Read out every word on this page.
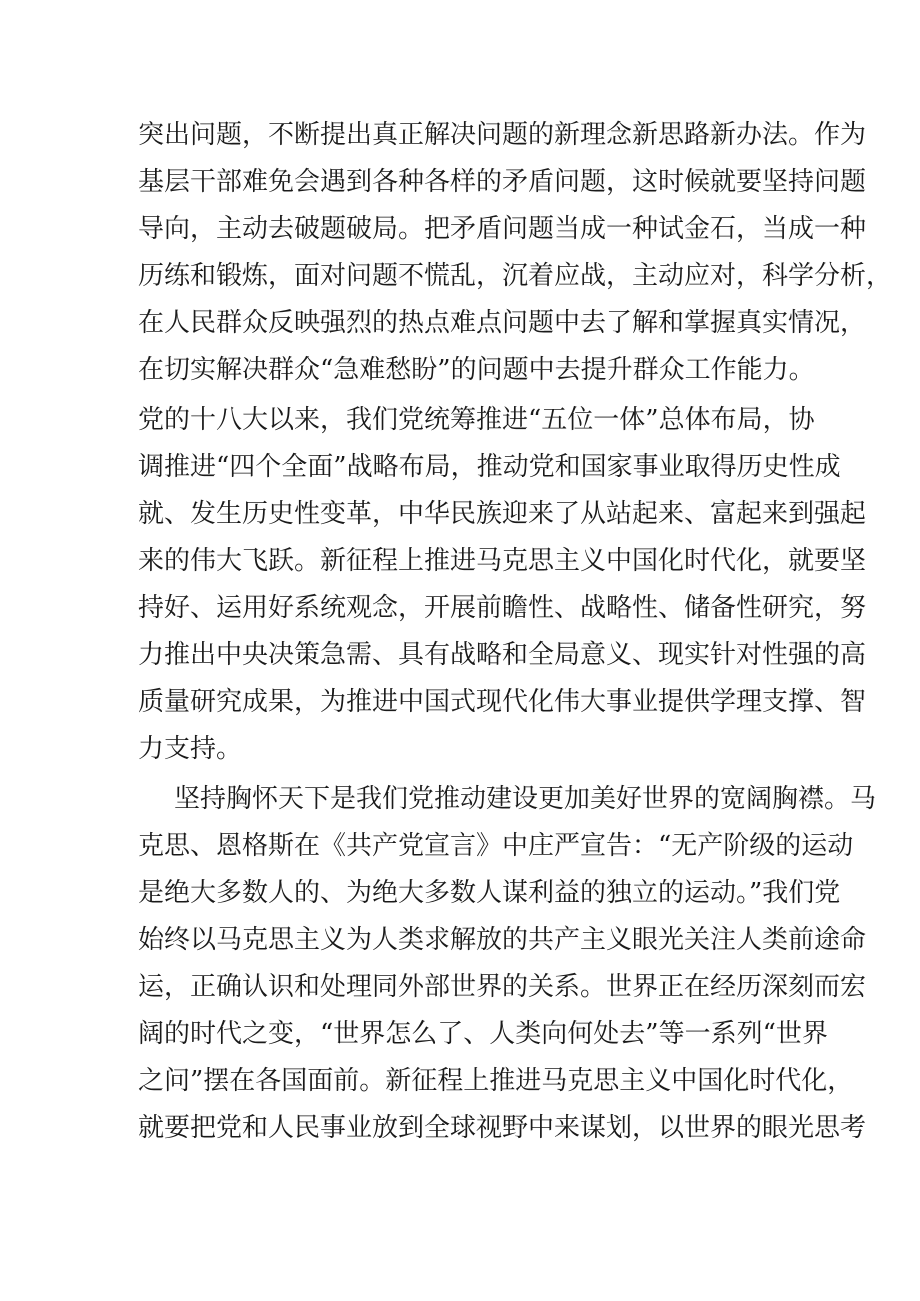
突出问题，不断提出真正解决问题的新理念新思路新办法。作为
基层干部难免会遇到各种各样的矛盾问题，这时候就要坚持问题
导向，主动去破题破局。把矛盾问题当成一种试金石，当成一种
历练和锻炼，面对问题不慌乱，沉着应战，主动应对，科学分析，
在人民群众反映强烈的热点难点问题中去了解和掌握真实情况，
在切实解决群众“急难愁盼”的问题中去提升群众工作能力。
党的十八大以来，我们党统筹推进“五位一体”总体布局，协
调推进“四个全面”战略布局，推动党和国家事业取得历史性成
就、发生历史性变革，中华民族迎来了从站起来、富起来到强起
来的伟大飞跃。新征程上推进马克思主义中国化时代化，就要坚
持好、运用好系统观念，开展前瞻性、战略性、储备性研究，努
力推出中央决策急需、具有战略和全局意义、现实针对性强的高
质量研究成果，为推进中国式现代化伟大事业提供学理支撑、智
力支持。
坚持胸怀天下是我们党推动建设更加美好世界的宽阔胸襟。马
克思、恩格斯在《共产党宣言》中庄严宣告：“无产阶级的运动
是绝大多数人的、为绝大多数人谋利益的独立的运动。”我们党
始终以马克思主义为人类求解放的共产主义眼光关注人类前途命
运，正确认识和处理同外部世界的关系。世界正在经历深刻而宏
阔的时代之变，“世界怎么了、人类向何处去”等一系列“世界
之问”摆在各国面前。新征程上推进马克思主义中国化时代化，
就要把党和人民事业放到全球视野中来谋划，以世界的眼光思考
